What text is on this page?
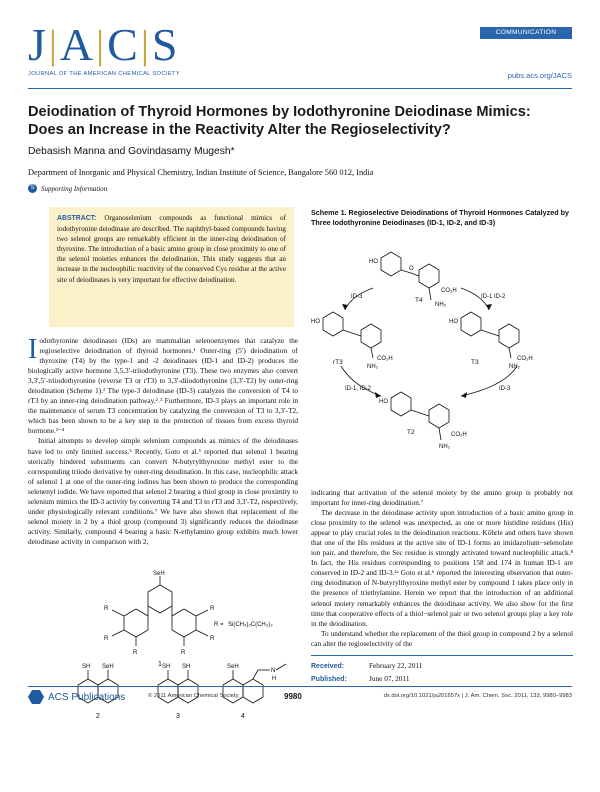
J|A|C|S
JOURNAL OF THE AMERICAN CHEMICAL SOCIETY
COMMUNICATION
pubs.acs.org/JACS
Deiodination of Thyroid Hormones by Iodothyronine Deiodinase Mimics: Does an Increase in the Reactivity Alter the Regioselectivity?
Debasish Manna and Govindasamy Mugesh*
Department of Inorganic and Physical Chemistry, Indian Institute of Science, Bangalore 560 012, India
S Supporting Information
ABSTRACT: Organoselenium compounds as functional mimics of iodothyronine deiodinase are described. The naphthyl-based compounds having two selenol groups are remarkably efficient in the inner-ring deiodination of thyroxine. The introduction of a basic amino group in close proximity to one of the selenol moieties enhances the deiodination. This study suggests that an increase in the nucleophilic reactivity of the conserved Cys residue at the active site of deiodinases is very important for effective deiodination.

Iodothyronine deiodinases (IDs) are mammalian selenoenzymes that catalyze the regioselective deiodination of thyroid hormones.¹ Outer-ring (5′) deiodination of thyroxine (T4) by the type-1 and -2 deiodinases (ID-1 and ID-2) produces the biologically active hormone 3,5,3′-triiodothyronine (T3). These two enzymes also convert 3,3′,5′-triiodothyronine (reverse T3 or rT3) to 3,3′-diiodothyronine (3,3′-T2) by outer-ring deiodination (Scheme 1).² The type-3 deiodinase (ID-3) catalyzes the conversion of T4 to rT3 by an inner-ring deiodination pathway.²˒³ Furthermore, ID-3 plays an important role in the maintenance of serum T3 concentration by catalyzing the conversion of T3 to 3,3′-T2, which has been shown to be a key step in the protection of tissues from excess thyroid hormone.²⁻⁴

Initial attempts to develop simple selenium compounds as mimics of the deiodinases have led to only limited success.⁵ Recently, Goto et al.⁶ reported that selenol 1 bearing sterically hindered substituents can convert N-butyrylthyroxine methyl ester to the corresponding triiodo derivative by outer-ring deiodination. In this case, nucleophilic attack of selenol 1 at one of the outer-ring iodines has been shown to produce the corresponding selenenyl iodide. We have reported that selenol 2 bearing a thiol group in close proximity to selenium mimics the ID-3 activity by converting T4 and T3 to rT3 and 3,3′-T2, respectively, under physiologically relevant conditions.⁷ We have also shown that replacement of the selenol moiety in 2 by a thiol group (compound 3) significantly reduces the deiodinase activity. Similarly, compound 4 bearing a basic N-ethylamino group exhibits much lower deiodinase activity in comparison with 2,

SeH
R
R
R
R
R
R
R = Si(CH₃)₂C(CH₃)₃
1
SH SeH
2
SH SH
3
SeH
N
H
4
Scheme 1. Regioselective Deiodinations of Thyroid Hormones Catalyzed by Three Iodothyronine Deiodinases (ID-1, ID-2, and ID-3)
HO
O
NH₂
CO₂H
T4
ID-3	ID-1 ID-2
HO
CO₂H
NH₂
rT3
HO
CO₂H
NH₂
T3
ID-1, ID-2	ID-3
HO
CO₂H
NH₂
T2

indicating that activation of the selenol moiety by the amino group is probably not important for inner-ring deiodination.⁷

The decrease in the deiodinase activity upon introduction of a basic amino group in close proximity to the selenol was unexpected, as one or more histidine residues (His) appear to play crucial roles in the deiodination reactions. Köhrle and others have shown that one of the His residues at the active site of ID-1 forms an imidazolium−selenolate ion pair, and therefore, the Sec residue is strongly activated toward nucleophilic attack.⁸ In fact, the His residues corresponding to positions 158 and 174 in human ID-1 are conserved in ID-2 and ID-3.²ᵃ Goto et al.⁶ reported the interesting observation that outer-ring deiodination of N-butyrylthyroxine methyl ester by compound 1 takes place only in the presence of triethylamine. Herein we report that the introduction of an additional selenol moiety remarkably enhances the deiodinase activity. We also show for the first time that cooperative effects of a thiol−selenol pair or two selenol groups play a key role in the deiodination.

To understand whether the replacement of the thiol group in compound 2 by a selenol can alter the regioselectivity of the

Received:	February 22, 2011
Published:	June 07, 2011
ACS Publications	© 2011 American Chemical Society	9980	dx.doi.org/10.1021/ja201657x | J. Am. Chem. Soc. 2011, 133, 9980–9983
